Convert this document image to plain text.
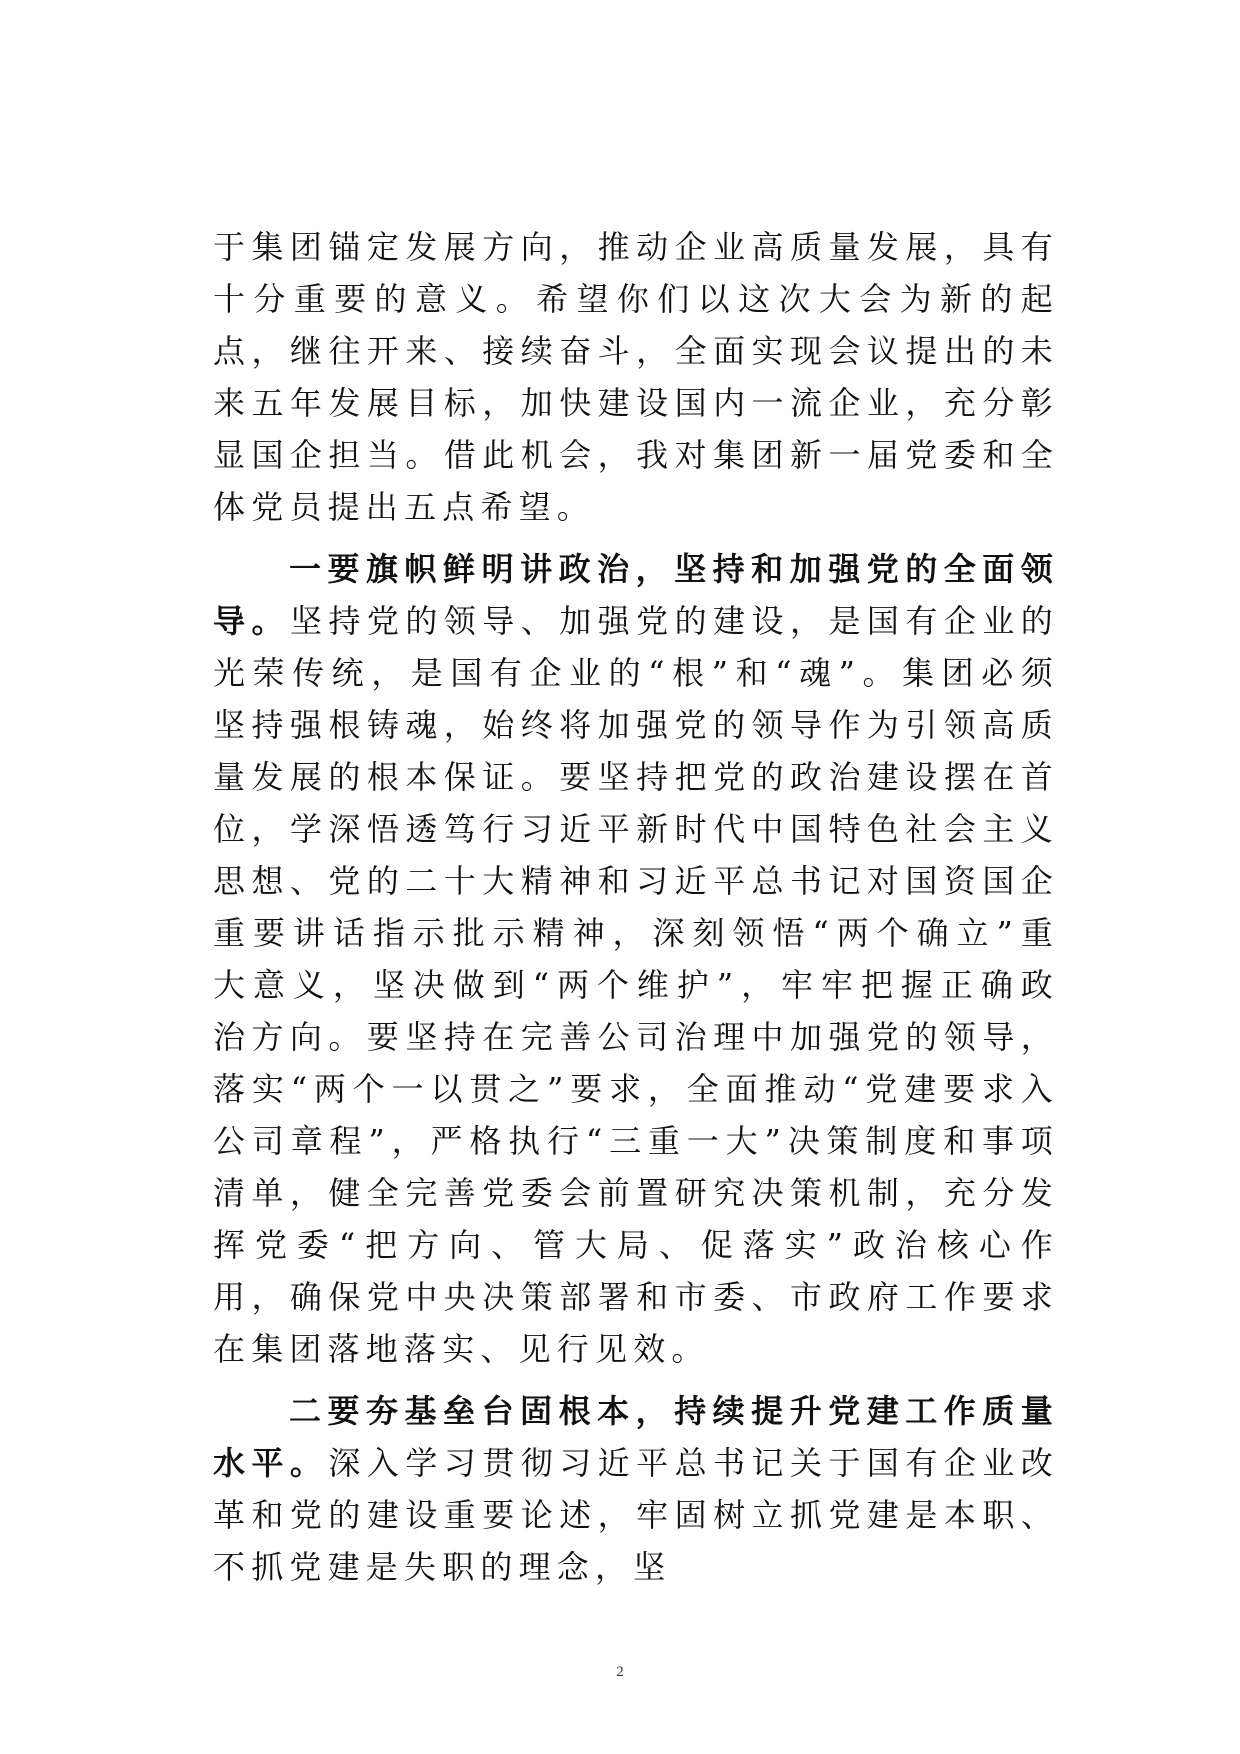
于集团锚定发展方向，推动企业高质量发展，具有十分重要的意义。希望你们以这次大会为新的起点，继往开来、接续奋斗，全面实现会议提出的未来五年发展目标，加快建设国内一流企业，充分彰显国企担当。借此机会，我对集团新一届党委和全体党员提出五点希望。

一要旗帜鲜明讲政治，坚持和加强党的全面领导。坚持党的领导、加强党的建设，是国有企业的光荣传统，是国有企业的“根”和“魂”。集团必须坚持强根铸魂，始终将加强党的领导作为引领高质量发展的根本保证。要坚持把党的政治建设摆在首位，学深悟透笃行习近平新时代中国特色社会主义思想、党的二十大精神和习近平总书记对国资国企重要讲话指示批示精神，深刻领悟“两个确立”重大意义，坚决做到“两个维护”，牢牢把握正确政治方向。要坚持在完善公司治理中加强党的领导，落实“两个一以贯之”要求，全面推动“党建要求入公司章程”，严格执行“三重一大”决策制度和事项清单，健全完善党委会前置研究决策机制，充分发挥党委“把方向、管大局、促落实”政治核心作用，确保党中央决策部署和市委、市政府工作要求在集团落地落实、见行见效。

二要夯基垒台固根本，持续提升党建工作质量水平。深入学习贯彻习近平总书记关于国有企业改革和党的建设重要论述，牢固树立抓党建是本职、不抓党建是失职的理念，坚

2
